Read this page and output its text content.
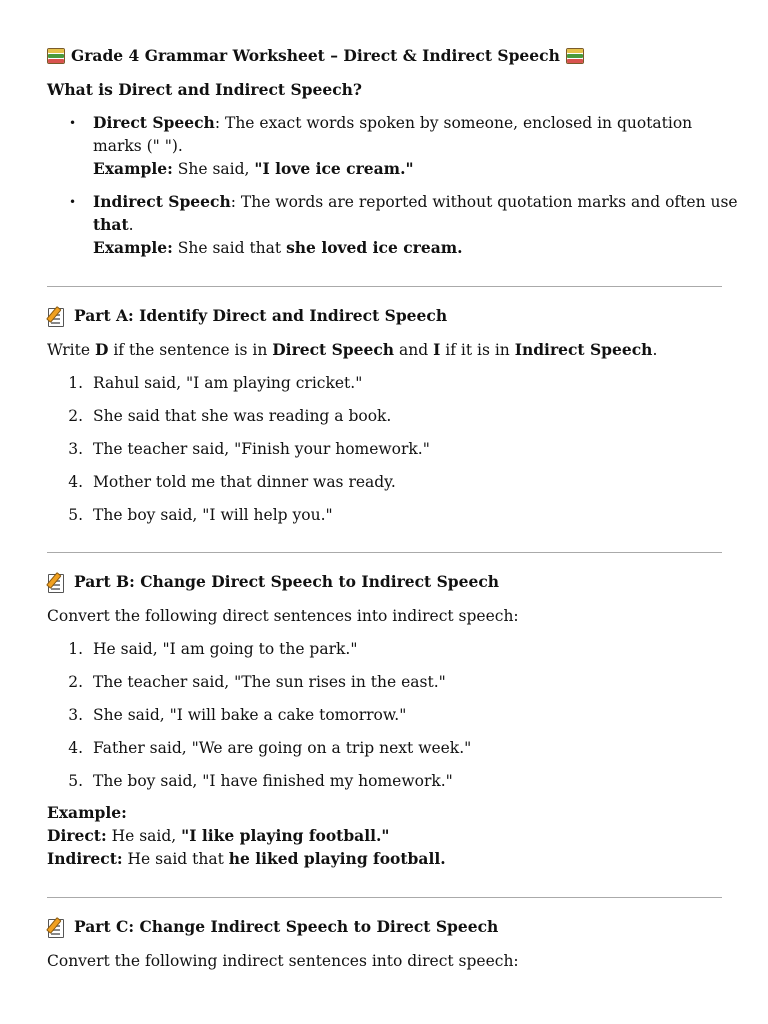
Grade 4 Grammar Worksheet – Direct & Indirect Speech
What is Direct and Indirect Speech?
• Direct Speech: The exact words spoken by someone, enclosed in quotation
marks (" ").
Example: She said, "I love ice cream."
• Indirect Speech: The words are reported without quotation marks and often use
that.
Example: She said that she loved ice cream.
Part A: Identify Direct and Indirect Speech
Write D if the sentence is in Direct Speech and I if it is in Indirect Speech.
1. Rahul said, "I am playing cricket."
2. She said that she was reading a book.
3. The teacher said, "Finish your homework."
4. Mother told me that dinner was ready.
5. The boy said, "I will help you."
Part B: Change Direct Speech to Indirect Speech
Convert the following direct sentences into indirect speech:
1. He said, "I am going to the park."
2. The teacher said, "The sun rises in the east."
3. She said, "I will bake a cake tomorrow."
4. Father said, "We are going on a trip next week."
5. The boy said, "I have finished my homework."
Example:
Direct: He said, "I like playing football."
Indirect: He said that he liked playing football.
Part C: Change Indirect Speech to Direct Speech
Convert the following indirect sentences into direct speech:
